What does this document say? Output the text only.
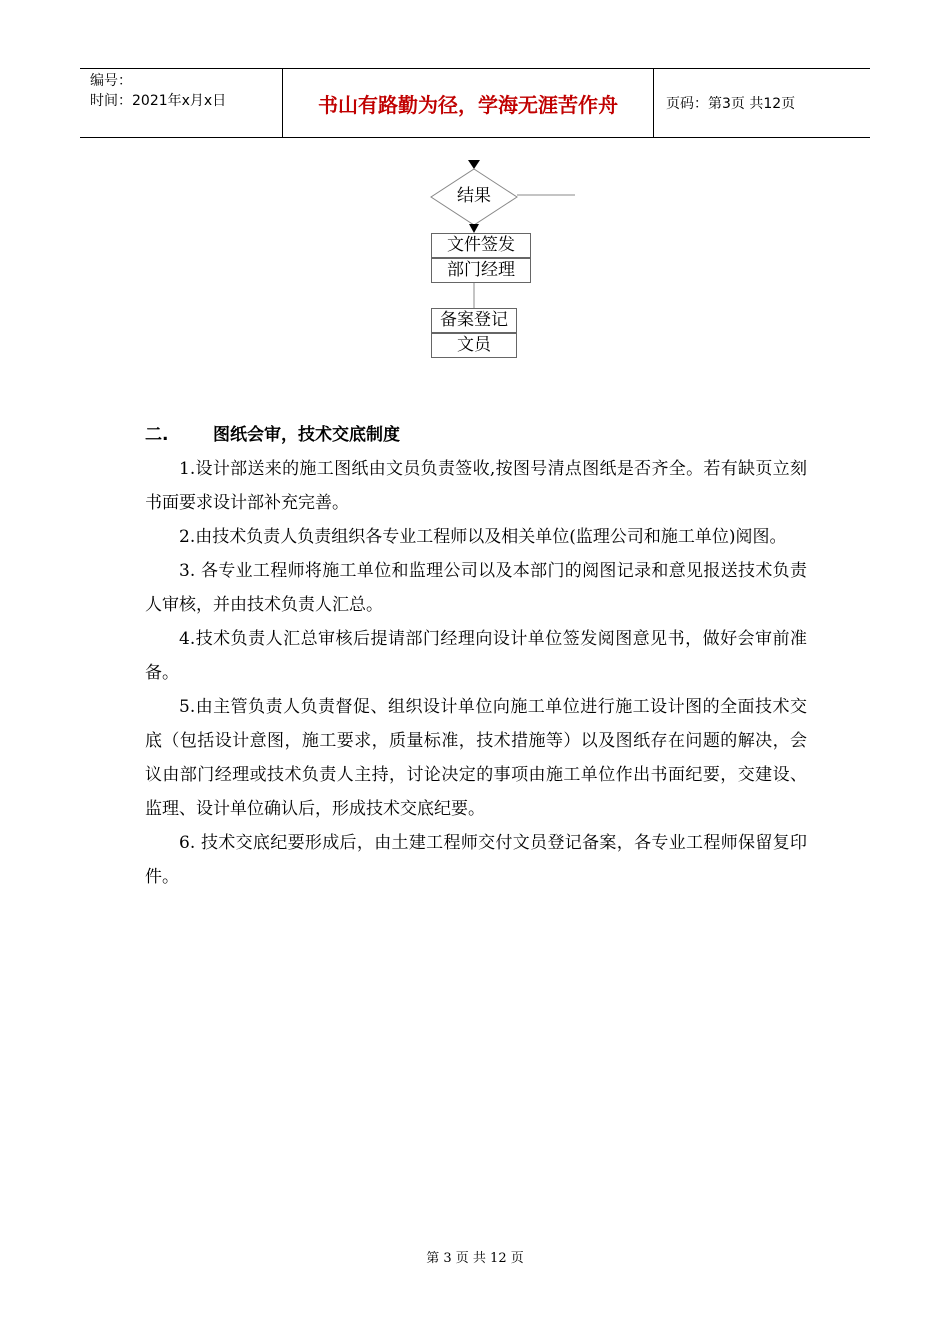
编号：
时间：2021年x月x日	书山有路勤为径，学海无涯苦作舟	页码：第3页 共12页
结果
文件签发
部门经理
备案登记
文员
二.	图纸会审，技术交底制度

1.设计部送来的施工图纸由文员负责签收,按图号清点图纸是否齐全。若有缺页立刻书面要求设计部补充完善。

2.由技术负责人负责组织各专业工程师以及相关单位(监理公司和施工单位)阅图。

3. 各专业工程师将施工单位和监理公司以及本部门的阅图记录和意见报送技术负责人审核，并由技术负责人汇总。

4.技术负责人汇总审核后提请部门经理向设计单位签发阅图意见书，做好会审前准备。

5.由主管负责人负责督促、组织设计单位向施工单位进行施工设计图的全面技术交底（包括设计意图，施工要求，质量标准，技术措施等）以及图纸存在问题的解决，会议由部门经理或技术负责人主持，讨论决定的事项由施工单位作出书面纪要，交建设、监理、设计单位确认后，形成技术交底纪要。

6. 技术交底纪要形成后，由土建工程师交付文员登记备案，各专业工程师保留复印件。

第 3 页 共 12 页
